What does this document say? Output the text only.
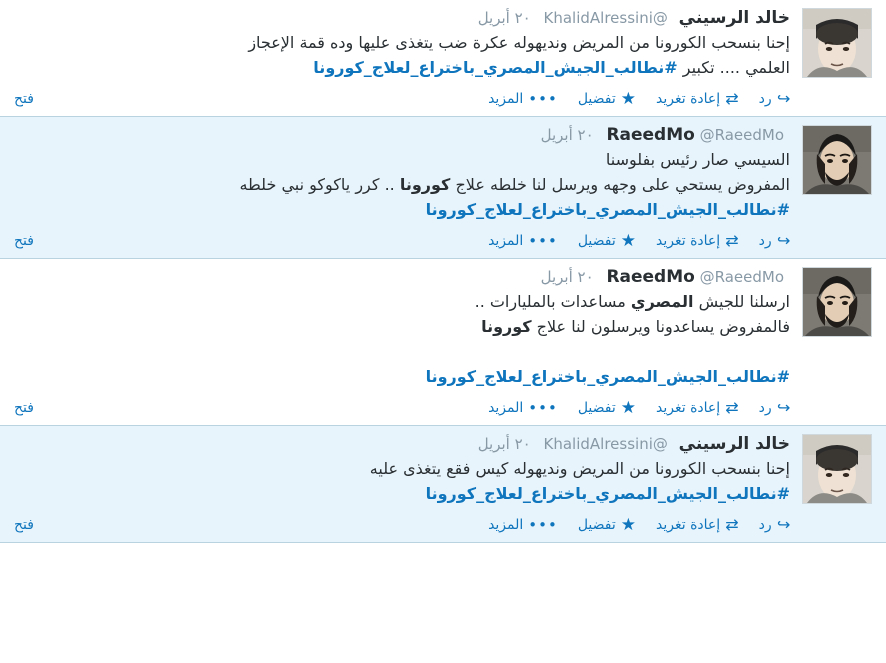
خالد الرسيني @KhalidAlressini ٢٠ أبريل
إحنا بنسحب الكورونا من المريض ونديهوله عكرة ضب يتغذى عليها وده قمة الإعجاز
العلمي .... تكبير #نطالب_الجيش_المصري_باختراع_لعلاج_كورونا
↩
رد
⇄
إعادة تغريد
★
تفضيل
•••
المزيد
فتح
RaeedMo @RaeedMo ٢٠ أبريل
السيسي صار رئيس بفلوسنا
المفروض يستحي على وجهه ويرسل لنا خلطه علاج كورونا .. كرر ياكوكو نبي خلطه
#نطالب_الجيش_المصري_باختراع_لعلاج_كورونا
↩
رد
⇄
إعادة تغريد
★
تفضيل
•••
المزيد
فتح
RaeedMo @RaeedMo ٢٠ أبريل
ارسلنا للجيش المصري مساعدات بالمليارات ..
فالمفروض يساعدونا ويرسلون لنا علاج كورونا

#نطالب_الجيش_المصري_باختراع_لعلاج_كورونا
↩
رد
⇄
إعادة تغريد
★
تفضيل
•••
المزيد
فتح
خالد الرسيني @KhalidAlressini ٢٠ أبريل
إحنا بنسحب الكورونا من المريض ونديهوله كيس فقع يتغذى عليه
#نطالب_الجيش_المصري_باختراع_لعلاج_كورونا
↩
رد
⇄
إعادة تغريد
★
تفضيل
•••
المزيد
فتح
